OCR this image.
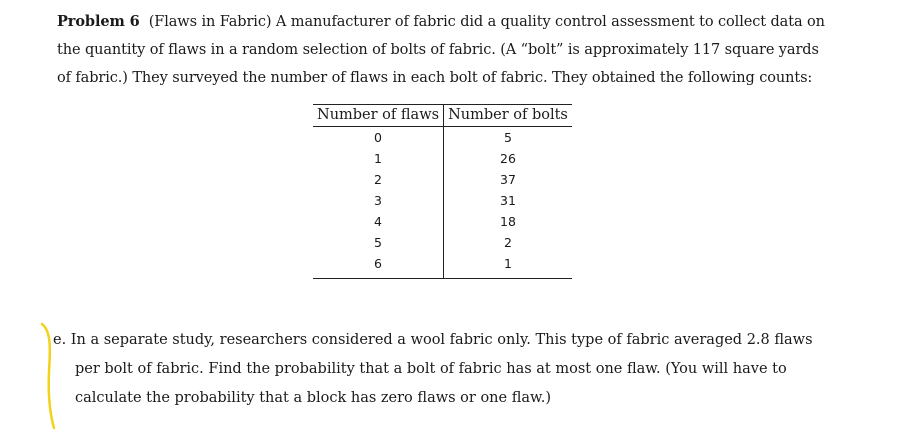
Problem 6 (Flaws in Fabric) A manufacturer of fabric did a quality control assessment to collect data on
the quantity of flaws in a random selection of bolts of fabric. (A “bolt” is approximately 117 square yards
of fabric.) They surveyed the number of flaws in each bolt of fabric. They obtained the following counts:
Number of flaws	Number of bolts
0	5
1	26
2	37
3	31
4	18
5	2
6	1
e. In a separate study, researchers considered a wool fabric only. This type of fabric averaged 2.8 flaws
per bolt of fabric. Find the probability that a bolt of fabric has at most one flaw. (You will have to
calculate the probability that a block has zero flaws or one flaw.)
